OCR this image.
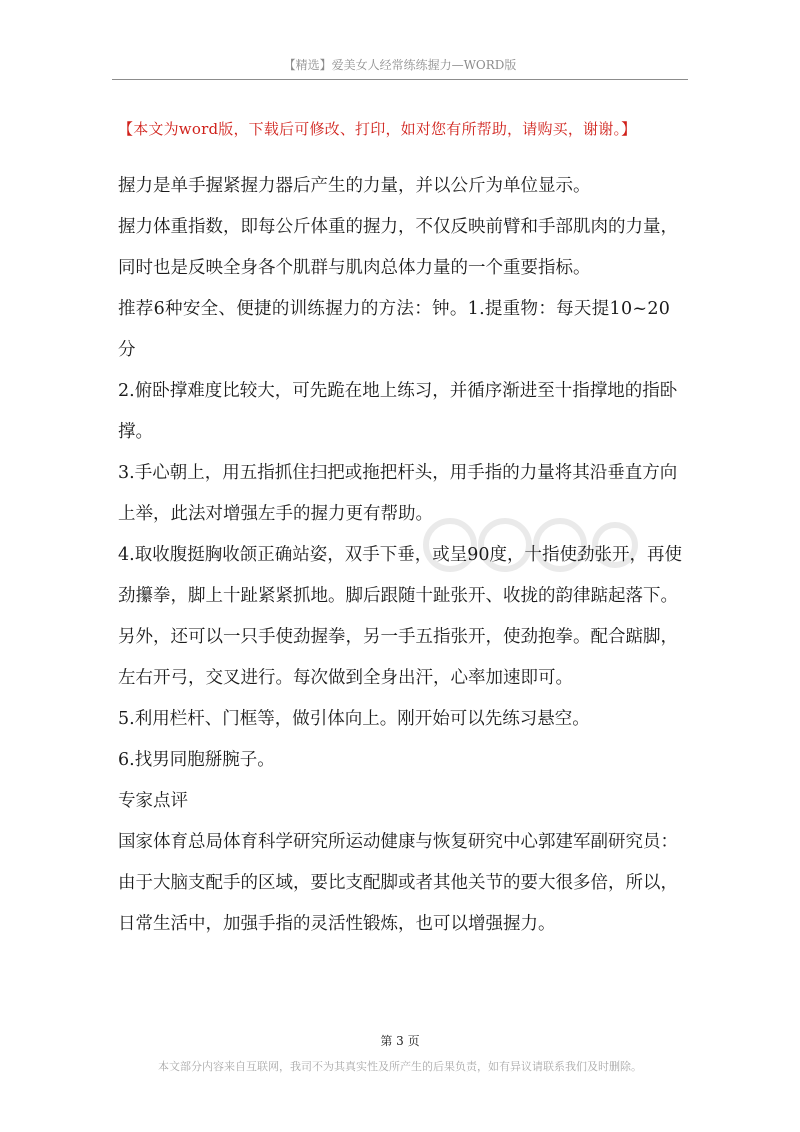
【精选】爱美女人经常练练握力—WORD版
【本文为word版，下载后可修改、打印，如对您有所帮助，请购买，谢谢。】

握力是单手握紧握力器后产生的力量，并以公斤为单位显示。

握力体重指数，即每公斤体重的握力，不仅反映前臂和手部肌肉的力量，同时也是反映全身各个肌群与肌肉总体力量的一个重要指标。

推荐6种安全、便捷的训练握力的方法：钟。1.提重物：每天提10~20分

2.俯卧撑难度比较大，可先跪在地上练习，并循序渐进至十指撑地的指卧撑。

3.手心朝上，用五指抓住扫把或拖把杆头，用手指的力量将其沿垂直方向上举，此法对增强左手的握力更有帮助。

4.取收腹挺胸收颌正确站姿，双手下垂，或呈90度，十指使劲张开，再使劲攥拳，脚上十趾紧紧抓地。脚后跟随十趾张开、收拢的韵律踮起落下。

另外，还可以一只手使劲握拳，另一手五指张开，使劲抱拳。配合踮脚，左右开弓，交叉进行。每次做到全身出汗，心率加速即可。

5.利用栏杆、门框等，做引体向上。刚开始可以先练习悬空。

6.找男同胞掰腕子。

专家点评

国家体育总局体育科学研究所运动健康与恢复研究中心郭建军副研究员：由于大脑支配手的区域，要比支配脚或者其他关节的要大很多倍，所以，日常生活中，加强手指的灵活性锻炼，也可以增强握力。

第 3 页
本文部分内容来自互联网，我司不为其真实性及所产生的后果负责，如有异议请联系我们及时删除。
